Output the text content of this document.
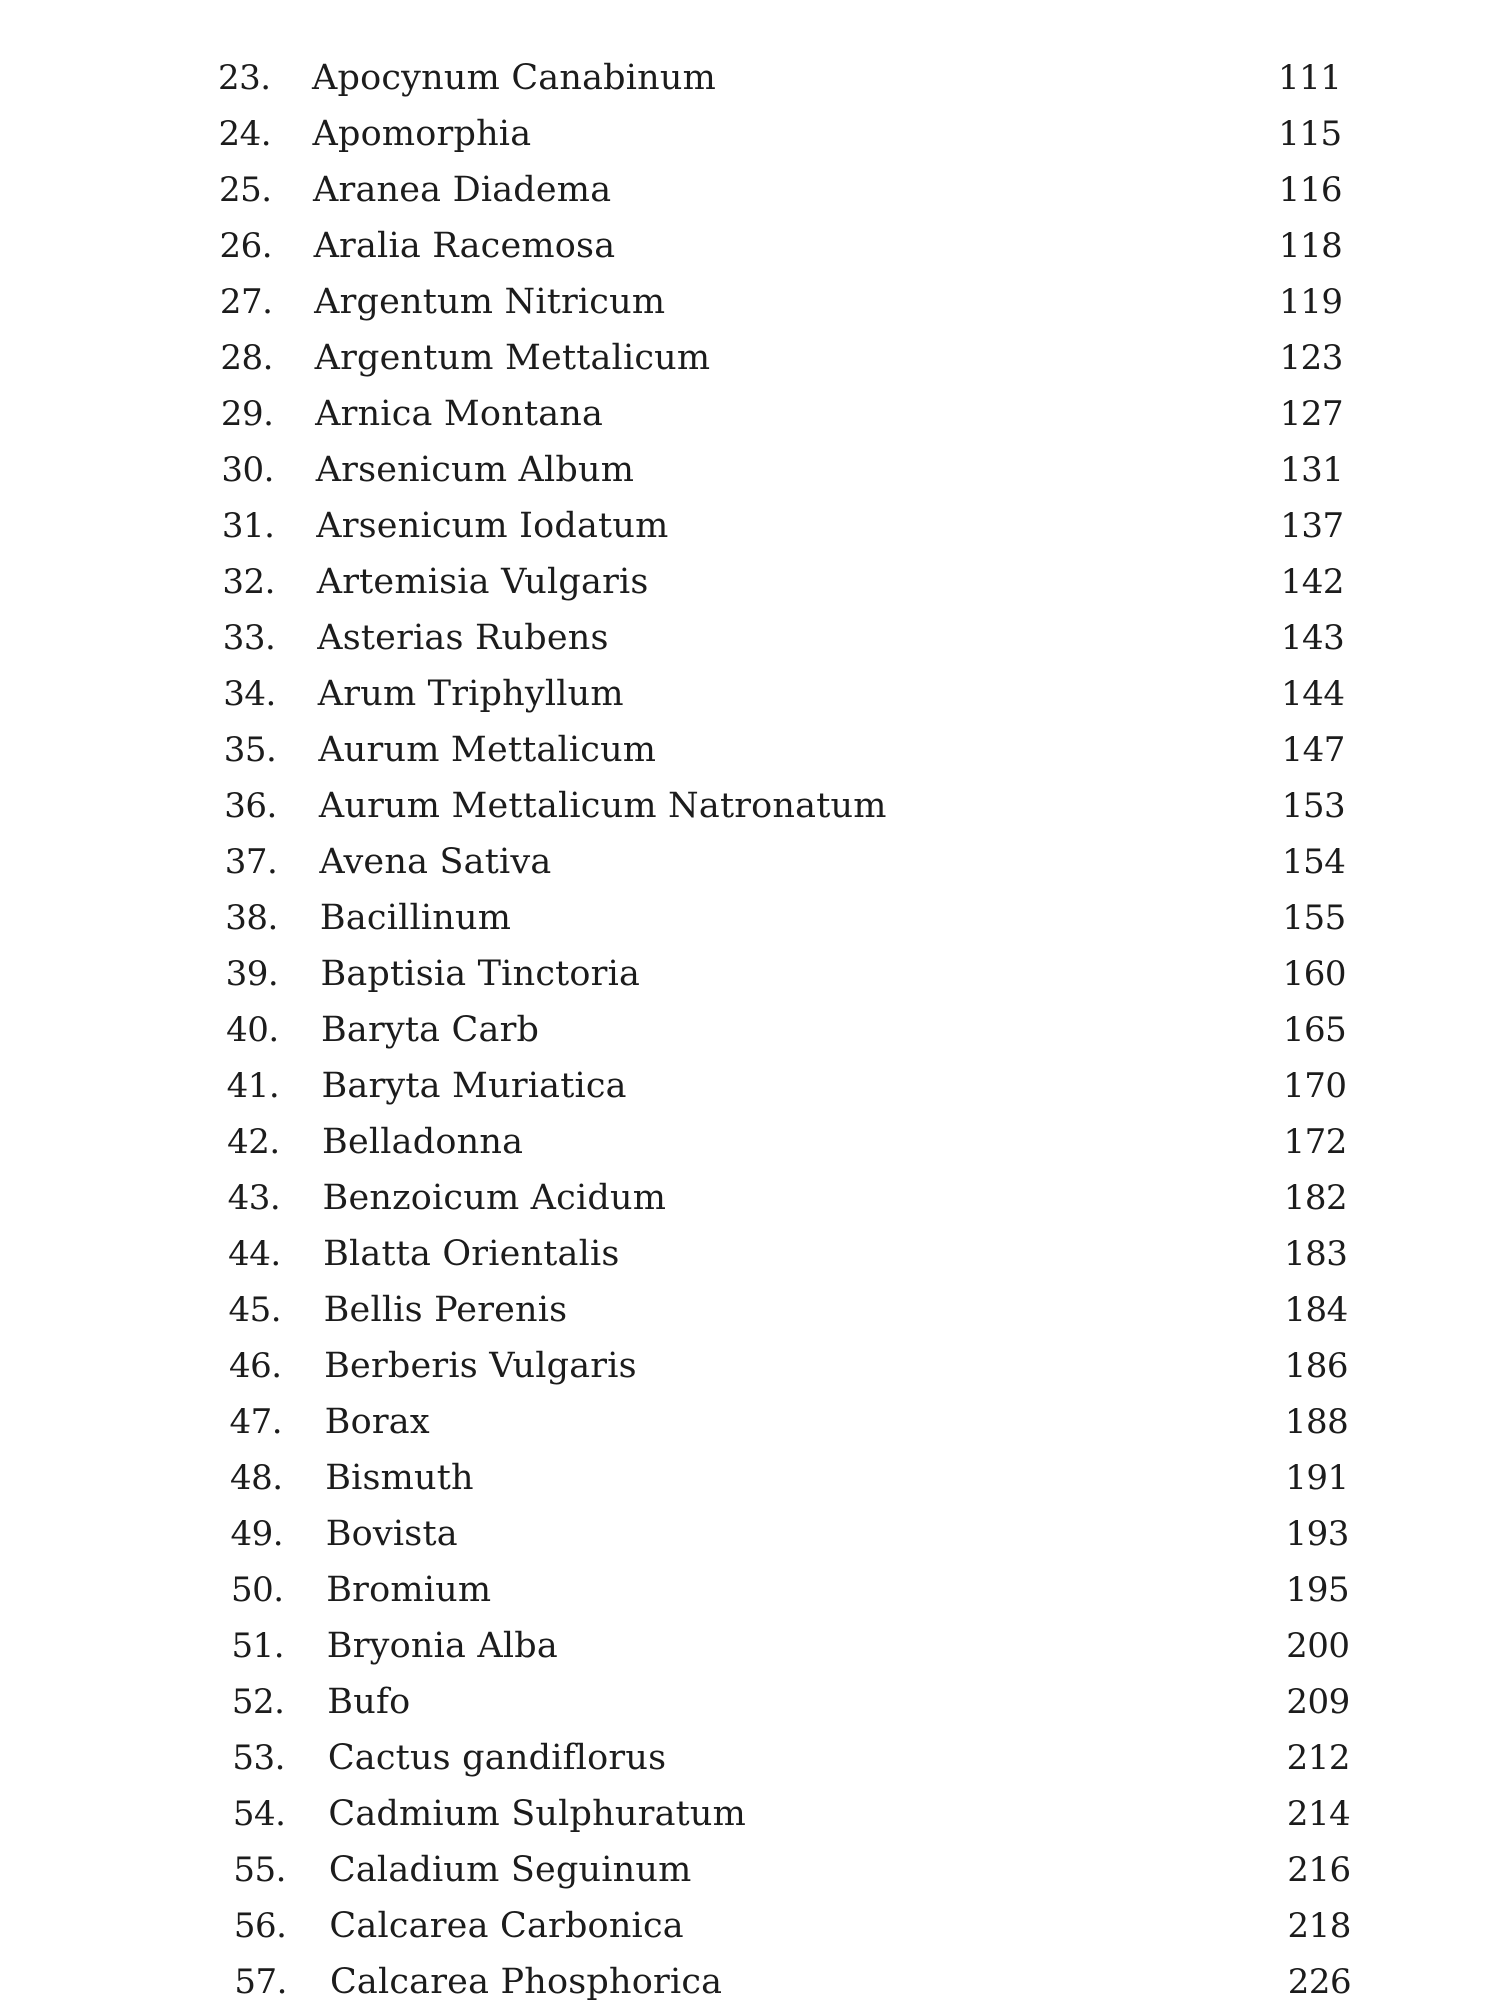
23. Apocynum Canabinum	111
24. Apomorphia	115
25. Aranea Diadema	116
26. Aralia Racemosa	118
27. Argentum Nitricum	119
28. Argentum Mettalicum	123
29. Arnica Montana	127
30. Arsenicum Album	131
31. Arsenicum Iodatum	137
32. Artemisia Vulgaris	142
33. Asterias Rubens	143
34. Arum Triphyllum	144
35. Aurum Mettalicum	147
36. Aurum Mettalicum Natronatum	153
37. Avena Sativa	154
38. Bacillinum	155
39. Baptisia Tinctoria	160
40. Baryta Carb	165
41. Baryta Muriatica	170
42. Belladonna	172
43. Benzoicum Acidum	182
44. Blatta Orientalis	183
45. Bellis Perenis	184
46. Berberis Vulgaris	186
47. Borax	188
48. Bismuth	191
49. Bovista	193
50. Bromium	195
51. Bryonia Alba	200
52. Bufo	209
53. Cactus gandiflorus	212
54. Cadmium Sulphuratum	214
55. Caladium Seguinum	216
56. Calcarea Carbonica	218
57. Calcarea Phosphorica	226
